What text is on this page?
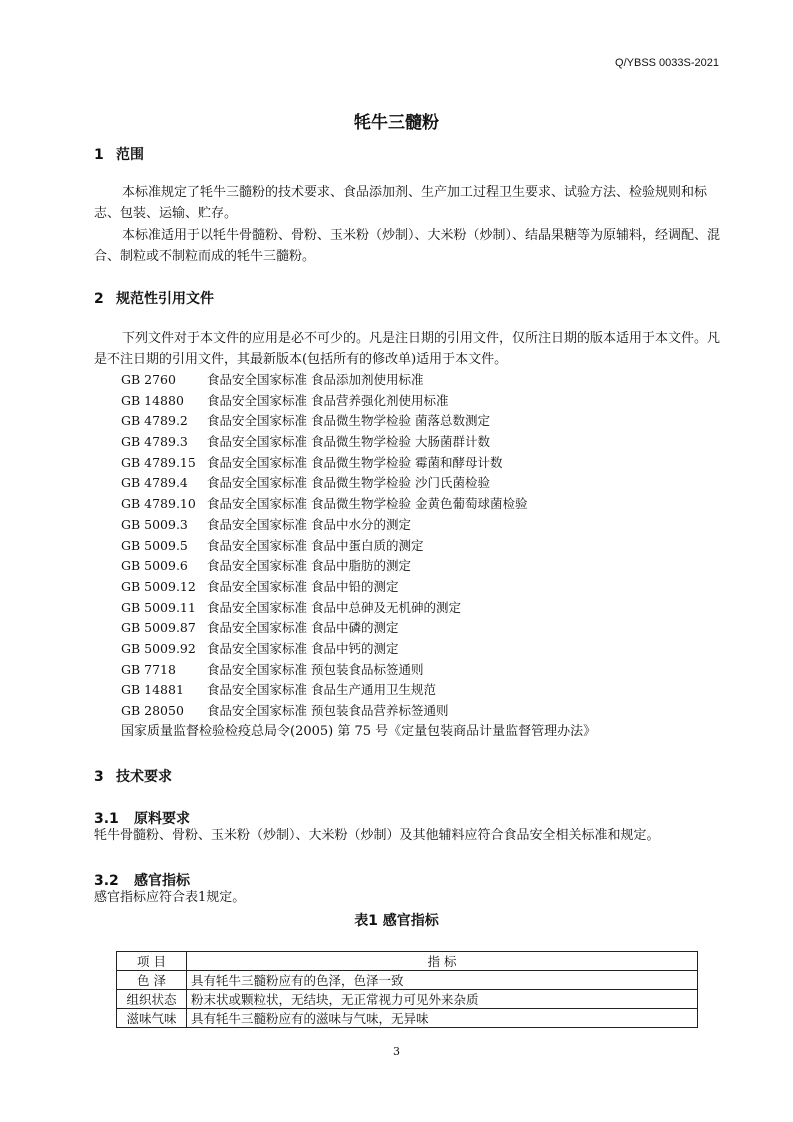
Q/YBSS 0033S-2021
牦牛三髓粉
1 范围
本标准规定了牦牛三髓粉的技术要求、食品添加剂、生产加工过程卫生要求、试验方法、检验规则和标志、包装、运输、贮存。
本标准适用于以牦牛骨髓粉、骨粉、玉米粉（炒制）、大米粉（炒制）、结晶果糖等为原辅料，经调配、混合、制粒或不制粒而成的牦牛三髓粉。
2 规范性引用文件
下列文件对于本文件的应用是必不可少的。凡是注日期的引用文件，仅所注日期的版本适用于本文件。凡是不注日期的引用文件，其最新版本(包括所有的修改单)适用于本文件。
GB 2760 食品安全国家标准 食品添加剂使用标准
GB 14880 食品安全国家标准 食品营养强化剂使用标准
GB 4789.2 食品安全国家标准 食品微生物学检验 菌落总数测定
GB 4789.3 食品安全国家标准 食品微生物学检验 大肠菌群计数
GB 4789.15 食品安全国家标准 食品微生物学检验 霉菌和酵母计数
GB 4789.4 食品安全国家标准 食品微生物学检验 沙门氏菌检验
GB 4789.10 食品安全国家标准 食品微生物学检验 金黄色葡萄球菌检验
GB 5009.3 食品安全国家标准 食品中水分的测定
GB 5009.5 食品安全国家标准 食品中蛋白质的测定
GB 5009.6 食品安全国家标准 食品中脂肪的测定
GB 5009.12 食品安全国家标准 食品中铅的测定
GB 5009.11 食品安全国家标准 食品中总砷及无机砷的测定
GB 5009.87 食品安全国家标准 食品中磷的测定
GB 5009.92 食品安全国家标准 食品中钙的测定
GB 7718 食品安全国家标准 预包装食品标签通则
GB 14881 食品安全国家标准 食品生产通用卫生规范
GB 28050 食品安全国家标准 预包装食品营养标签通则
国家质量监督检验检疫总局令(2005) 第 75 号《定量包装商品计量监督管理办法》
3 技术要求
3.1 原料要求
牦牛骨髓粉、骨粉、玉米粉（炒制）、大米粉（炒制）及其他辅料应符合食品安全相关标准和规定。
3.2 感官指标
感官指标应符合表1规定。
表1 感官指标
项 目	指 标
色 泽	具有牦牛三髓粉应有的色泽，色泽一致
组织状态	粉末状或颗粒状，无结块，无正常视力可见外来杂质
滋味气味	具有牦牛三髓粉应有的滋味与气味，无异味
3
